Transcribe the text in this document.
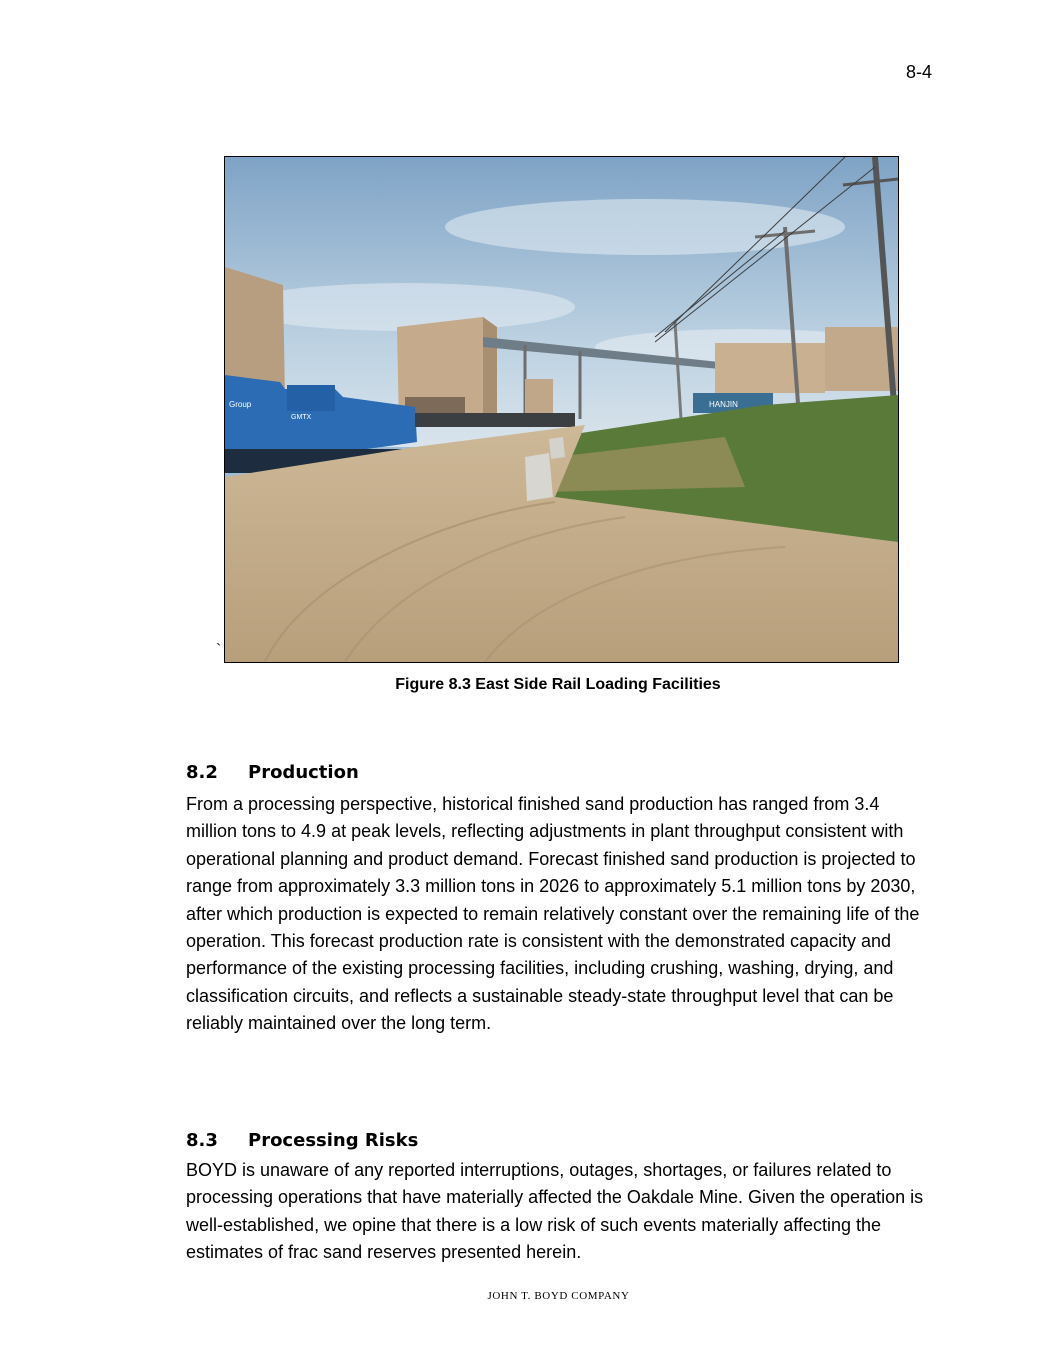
8-4
Group
GMTX
HANJIN
`
Figure 8.3 East Side Rail Loading Facilities
8.2 Production

From a processing perspective, historical finished sand production has ranged from 3.4 million tons to 4.9 at peak levels, reflecting adjustments in plant throughput consistent with operational planning and product demand. Forecast finished sand production is projected to range from approximately 3.3 million tons in 2026 to approximately 5.1 million tons by 2030, after which production is expected to remain relatively constant over the remaining life of the operation. This forecast production rate is consistent with the demonstrated capacity and performance of the existing processing facilities, including crushing, washing, drying, and classification circuits, and reflects a sustainable steady-state throughput level that can be reliably maintained over the long term.

8.3 Processing Risks

BOYD is unaware of any reported interruptions, outages, shortages, or failures related to processing operations that have materially affected the Oakdale Mine. Given the operation is well-established, we opine that there is a low risk of such events materially affecting the estimates of frac sand reserves presented herein.

JOHN T. BOYD COMPANY
